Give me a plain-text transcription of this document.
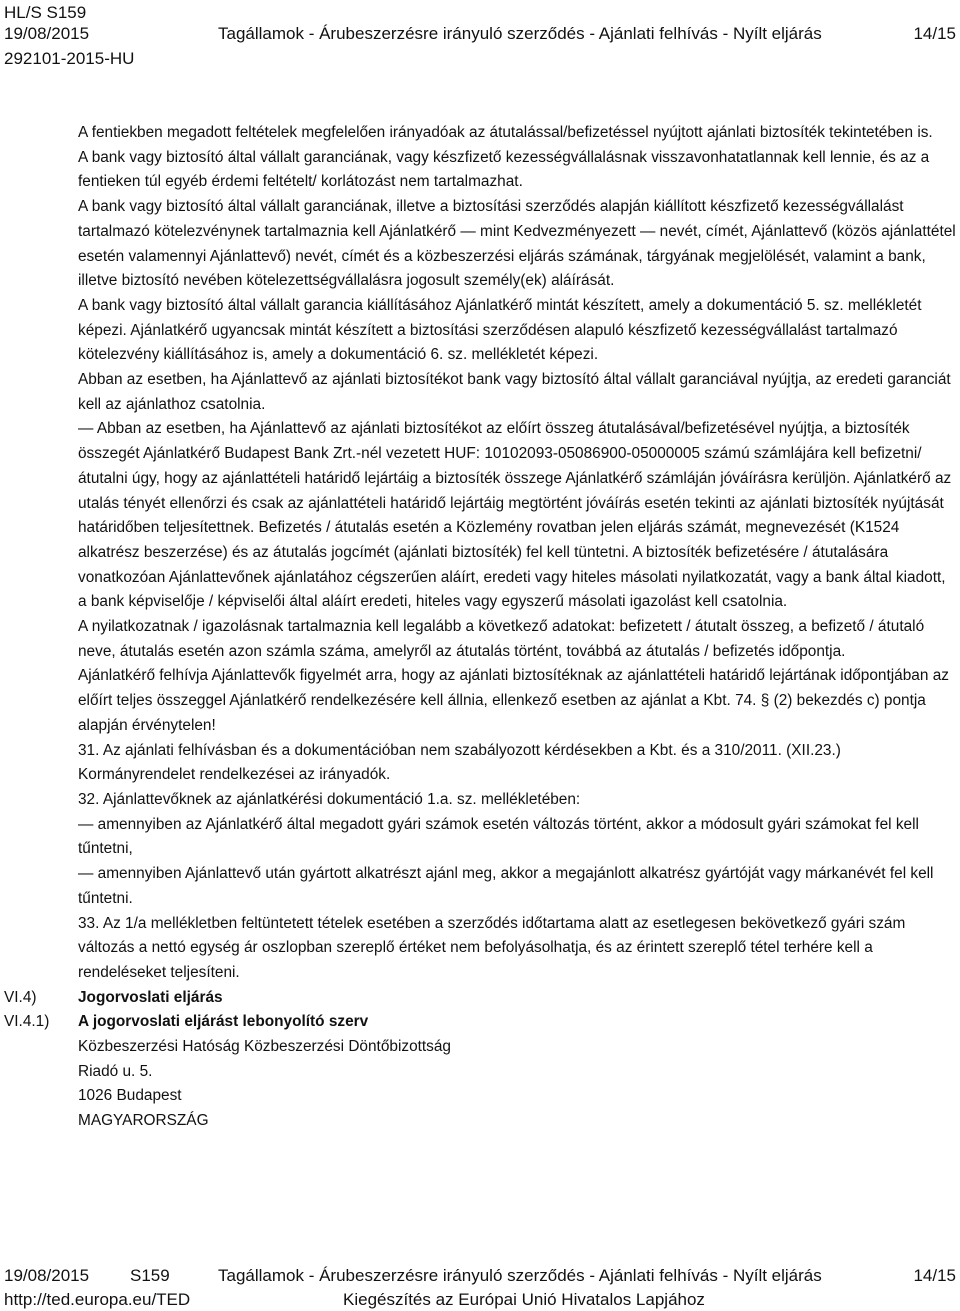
HL/S S159
19/08/2015
292101-2015-HU
Tagállamok - Árubeszerzésre irányuló szerződés - Ajánlati felhívás - Nyílt eljárás	14/15

A fentiekben megadott feltételek megfelelően irányadóak az átutalással/befizetéssel nyújtott ajánlati biztosíték tekintetében is.

A bank vagy biztosító által vállalt garanciának, vagy készfizető kezességvállalásnak visszavonhatatlannak kell lennie, és az a fentieken túl egyéb érdemi feltételt/ korlátozást nem tartalmazhat.

A bank vagy biztosító által vállalt garanciának, illetve a biztosítási szerződés alapján kiállított készfizető kezességvállalást tartalmazó kötelezvénynek tartalmaznia kell Ajánlatkérő — mint Kedvezményezett — nevét, címét, Ajánlattevő (közös ajánlattétel esetén valamennyi Ajánlattevő) nevét, címét és a közbeszerzési eljárás számának, tárgyának megjelölését, valamint a bank, illetve biztosító nevében kötelezettségvállalásra jogosult személy(ek) aláírását.

A bank vagy biztosító által vállalt garancia kiállításához Ajánlatkérő mintát készített, amely a dokumentáció 5. sz. mellékletét képezi. Ajánlatkérő ugyancsak mintát készített a biztosítási szerződésen alapuló készfizető kezességvállalást tartalmazó kötelezvény kiállításához is, amely a dokumentáció 6. sz. mellékletét képezi.

Abban az esetben, ha Ajánlattevő az ajánlati biztosítékot bank vagy biztosító által vállalt garanciával nyújtja, az eredeti garanciát kell az ajánlathoz csatolnia.

— Abban az esetben, ha Ajánlattevő az ajánlati biztosítékot az előírt összeg átutalásával/befizetésével nyújtja, a biztosíték összegét Ajánlatkérő Budapest Bank Zrt.-nél vezetett HUF: 10102093-05086900-05000005 számú számlájára kell befizetni/átutalni úgy, hogy az ajánlattételi határidő lejártáig a biztosíték összege Ajánlatkérő számláján jóváírásra kerüljön. Ajánlatkérő az utalás tényét ellenőrzi és csak az ajánlattételi határidő lejártáig megtörtént jóváírás esetén tekinti az ajánlati biztosíték nyújtását határidőben teljesítettnek. Befizetés / átutalás esetén a Közlemény rovatban jelen eljárás számát, megnevezését (K1524 alkatrész beszerzése) és az átutalás jogcímét (ajánlati biztosíték) fel kell tüntetni. A biztosíték befizetésére / átutalására vonatkozóan Ajánlattevőnek ajánlatához cégszerűen aláírt, eredeti vagy hiteles másolati nyilatkozatát, vagy a bank által kiadott, a bank képviselője / képviselői által aláírt eredeti, hiteles vagy egyszerű másolati igazolást kell csatolnia.

A nyilatkozatnak / igazolásnak tartalmaznia kell legalább a következő adatokat: befizetett / átutalt összeg, a befizető / átutaló neve, átutalás esetén azon számla száma, amelyről az átutalás történt, továbbá az átutalás / befizetés időpontja.

Ajánlatkérő felhívja Ajánlattevők figyelmét arra, hogy az ajánlati biztosítéknak az ajánlattételi határidő lejártának időpontjában az előírt teljes összeggel Ajánlatkérő rendelkezésére kell állnia, ellenkező esetben az ajánlat a Kbt. 74. § (2) bekezdés c) pontja alapján érvénytelen!

31. Az ajánlati felhívásban és a dokumentációban nem szabályozott kérdésekben a Kbt. és a 310/2011. (XII.23.) Kormányrendelet rendelkezései az irányadók.

32. Ajánlattevőknek az ajánlatkérési dokumentáció 1.a. sz. mellékletében:

— amennyiben az Ajánlatkérő által megadott gyári számok esetén változás történt, akkor a módosult gyári számokat fel kell tűntetni,

— amennyiben Ajánlattevő után gyártott alkatrészt ajánl meg, akkor a megajánlott alkatrész gyártóját vagy márkanévét fel kell tűntetni.

33. Az 1/a mellékletben feltüntetett tételek esetében a szerződés időtartama alatt az esetlegesen bekövetkező gyári szám változás a nettó egység ár oszlopban szereplő értéket nem befolyásolhatja, és az érintett szereplő tétel terhére kell a rendeléseket teljesíteni.

Jogorvoslati eljárás

A jogorvoslati eljárást lebonyolító szerv

Közbeszerzési Hatóság Közbeszerzési Döntőbizottság

Riadó u. 5.

1026 Budapest

MAGYARORSZÁG

VI.4)
VI.4.1)
19/08/2015 S159	Tagállamok - Árubeszerzésre irányuló szerződés - Ajánlati felhívás - Nyílt eljárás	14/15
http://ted.europa.eu/TED	Kiegészítés az Európai Unió Hivatalos Lapjához
